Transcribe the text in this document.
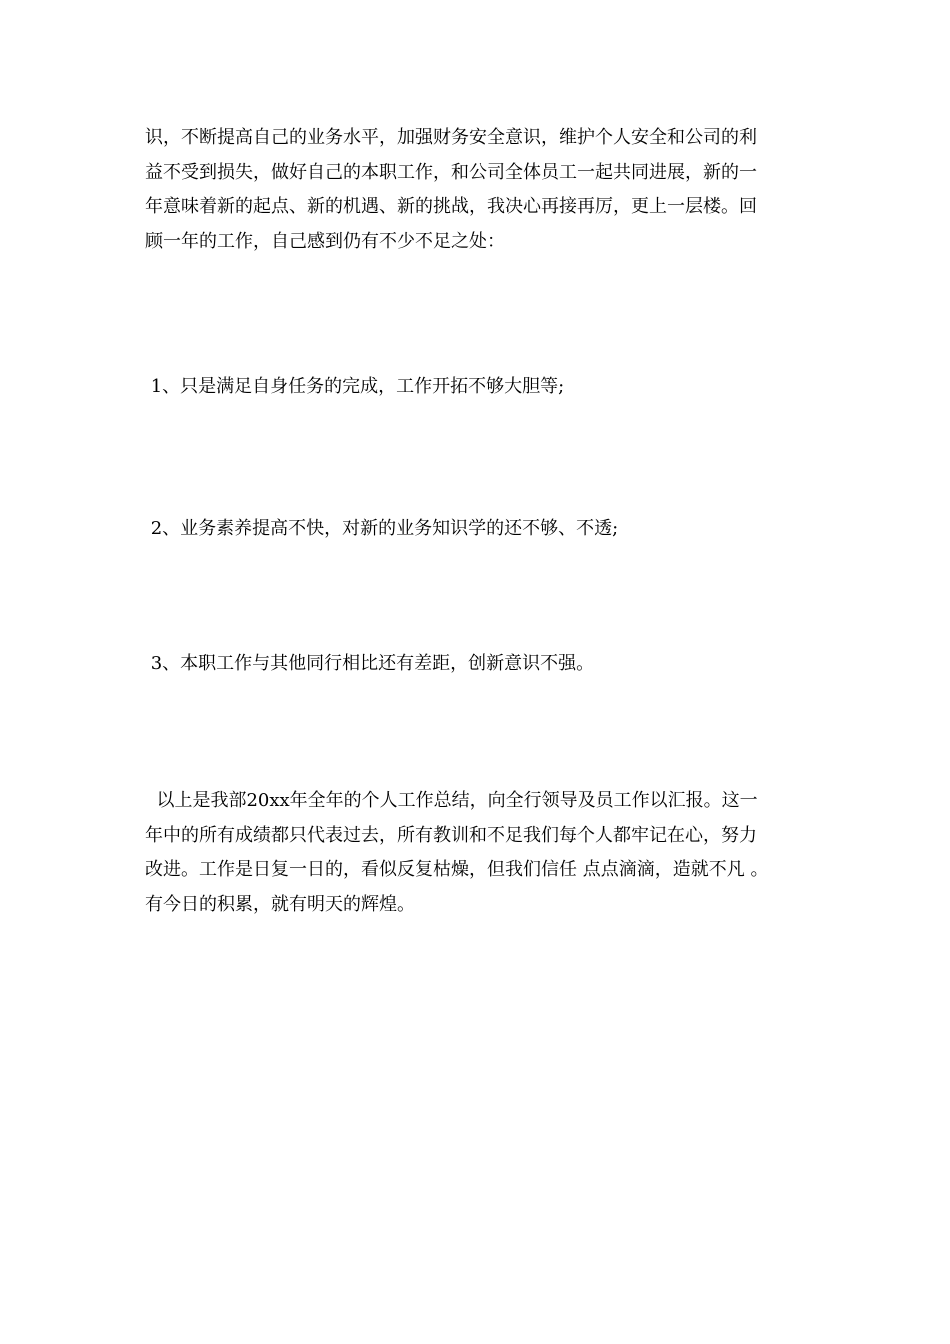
识，不断提高自己的业务水平，加强财务安全意识，维护个人安全和公司的利
益不受到损失，做好自己的本职工作，和公司全体员工一起共同进展，新的一
年意味着新的起点、新的机遇、新的挑战，我决心再接再厉，更上一层楼。回
顾一年的工作，自己感到仍有不少不足之处：

1、只是满足自身任务的完成，工作开拓不够大胆等;

2、业务素养提高不快，对新的业务知识学的还不够、不透;

3、本职工作与其他同行相比还有差距，创新意识不强。

以上是我部20xx年全年的个人工作总结，向全行领导及员工作以汇报。这一
年中的所有成绩都只代表过去，所有教训和不足我们每个人都牢记在心，努力
改进。工作是日复一日的，看似反复枯燥，但我们信任 点点滴滴，造就不凡 。
有今日的积累，就有明天的辉煌。
